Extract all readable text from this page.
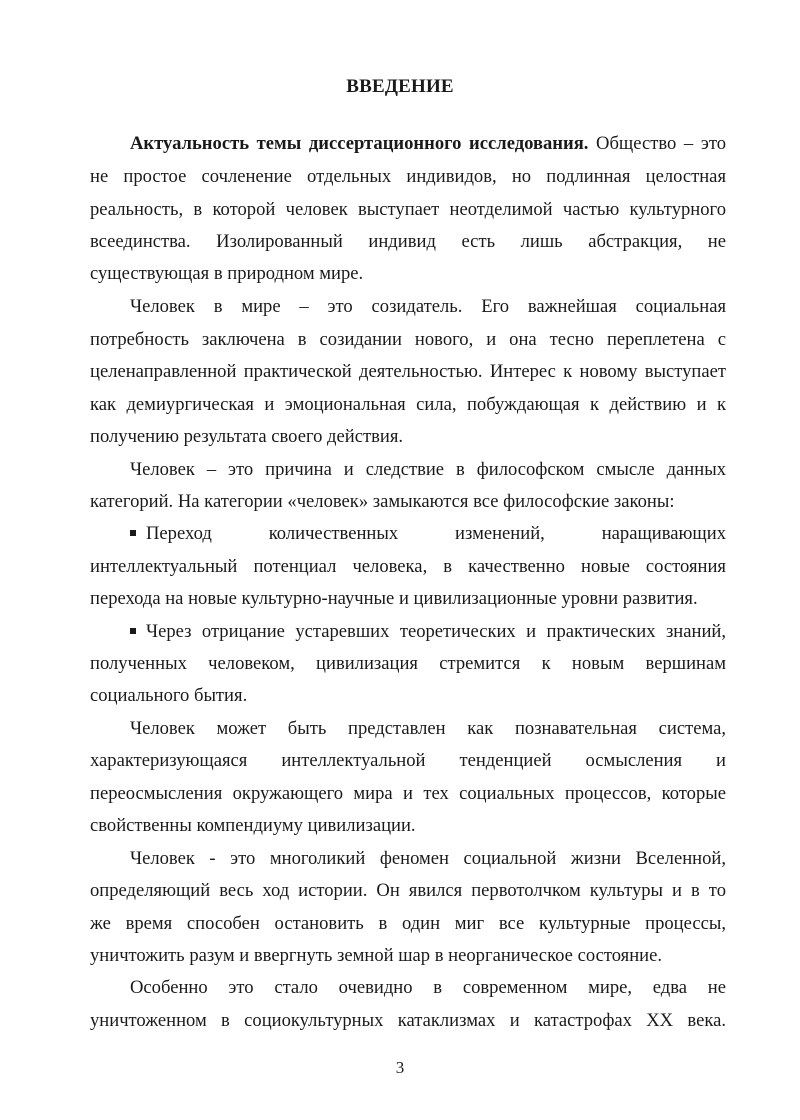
ВВЕДЕНИЕ
Актуальность темы диссертационного исследования. Общество – это
не простое сочленение отдельных индивидов, но подлинная целостная
реальность, в которой человек выступает неотделимой частью культурного
всеединства. Изолированный индивид есть лишь абстракция, не
существующая в природном мире.
Человек в мире – это созидатель. Его важнейшая социальная
потребность заключена в созидании нового, и она тесно переплетена с
целенаправленной практической деятельностью. Интерес к новому выступает
как демиургическая и эмоциональная сила, побуждающая к действию и к
получению результата своего действия.
Человек – это причина и следствие в философском смысле данных
категорий. На категории «человек» замыкаются все философские законы:
Переход количественных изменений, наращивающих
интеллектуальный потенциал человека, в качественно новые состояния
перехода на новые культурно-научные и цивилизационные уровни развития.
Через отрицание устаревших теоретических и практических знаний,
полученных человеком, цивилизация стремится к новым вершинам
социального бытия.
Человек может быть представлен как познавательная система,
характеризующаяся интеллектуальной тенденцией осмысления и
переосмысления окружающего мира и тех социальных процессов, которые
свойственны компендиуму цивилизации.
Человек - это многоликий феномен социальной жизни Вселенной,
определяющий весь ход истории. Он явился первотолчком культуры и в то
же время способен остановить в один миг все культурные процессы,
уничтожить разум и ввергнуть земной шар в неорганическое состояние.
Особенно это стало очевидно в современном мире, едва не
уничтоженном в социокультурных катаклизмах и катастрофах XX века.
3
